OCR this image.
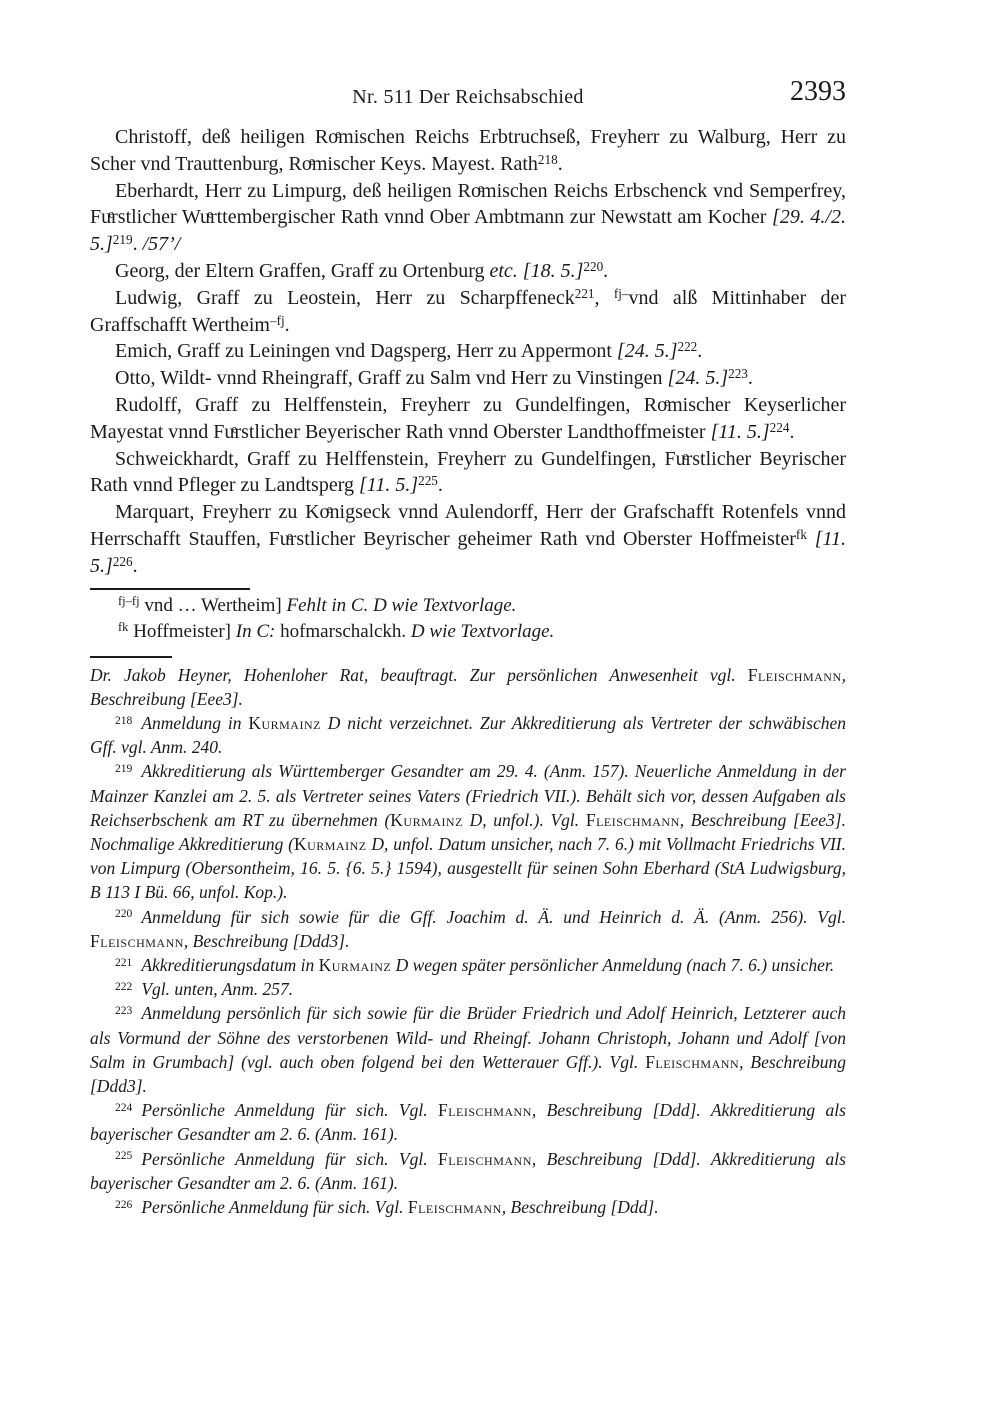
Nr. 511 Der Reichsabschied	2393

Christoff, deß heiligen Roͤmischen Reichs Erbtruchseß, Freyherr zu Walburg, Herr zu Scher vnd Trauttenburg, Roͤmischer Keys. Mayest. Rath$^{218}$.

Eberhardt, Herr zu Limpurg, deß heiligen Roͤmischen Reichs Erbschenck vnd Semperfrey, Fuͤrstlicher Wuͤrttembergischer Rath vnnd Ober Ambtmann zur Newstatt am Kocher [29. 4./2. 5.]$^{219}$. /57’/

Georg, der Eltern Graffen, Graff zu Ortenburg etc. [18. 5.]$^{220}$.

Ludwig, Graff zu Leostein, Herr zu Scharpffeneck$^{221}$, $^{fj-}$vnd alß Mittinhaber der Graffschafft Wertheim$^{-fj}$.

Emich, Graff zu Leiningen vnd Dagsperg, Herr zu Appermont [24. 5.]$^{222}$.

Otto, Wildt- vnnd Rheingraff, Graff zu Salm vnd Herr zu Vinstingen [24. 5.]$^{223}$.

Rudolff, Graff zu Helffenstein, Freyherr zu Gundelfingen, Roͤmischer Keyserlicher Mayestat vnnd Fuͤrstlicher Beyerischer Rath vnnd Oberster Landthoffmeister [11. 5.]$^{224}$.

Schweickhardt, Graff zu Helffenstein, Freyherr zu Gundelfingen, Fuͤrstlicher Beyrischer Rath vnnd Pfleger zu Landtsperg [11. 5.]$^{225}$.

Marquart, Freyherr zu Koͤnigseck vnnd Aulendorff, Herr der Grafschafft Rotenfels vnnd Herrschafft Stauffen, Fuͤrstlicher Beyrischer geheimer Rath vnd Oberster Hoffmeister$^{fk}$ [11. 5.]$^{226}$.

$^{fj-fj}$ vnd … Wertheim] Fehlt in C. D wie Textvorlage.

$^{fk}$ Hoffmeister] In C: hofmarschalckh. D wie Textvorlage.

Dr. Jakob Heyner, Hohenloher Rat, beauftragt. Zur persönlichen Anwesenheit vgl. Fleischmann, Beschreibung [Eee3].

$^{218}$ Anmeldung in Kurmainz D nicht verzeichnet. Zur Akkreditierung als Vertreter der schwäbischen Gff. vgl. Anm. 240.

$^{219}$ Akkreditierung als Württemberger Gesandter am 29. 4. (Anm. 157). Neuerliche Anmeldung in der Mainzer Kanzlei am 2. 5. als Vertreter seines Vaters (Friedrich VII.). Behält sich vor, dessen Aufgaben als Reichserbschenk am RT zu übernehmen (Kurmainz D, unfol.). Vgl. Fleischmann, Beschreibung [Eee3]. Nochmalige Akkreditierung (Kurmainz D, unfol. Datum unsicher, nach 7. 6.) mit Vollmacht Friedrichs VII. von Limpurg (Obersontheim, 16. 5. {6. 5.} 1594), ausgestellt für seinen Sohn Eberhard (StA Ludwigsburg, B 113 I Bü. 66, unfol. Kop.).

$^{220}$ Anmeldung für sich sowie für die Gff. Joachim d. Ä. und Heinrich d. Ä. (Anm. 256). Vgl. Fleischmann, Beschreibung [Ddd3].

$^{221}$ Akkreditierungsdatum in Kurmainz D wegen später persönlicher Anmeldung (nach 7. 6.) unsicher.

$^{222}$ Vgl. unten, Anm. 257.

$^{223}$ Anmeldung persönlich für sich sowie für die Brüder Friedrich und Adolf Heinrich, Letzterer auch als Vormund der Söhne des verstorbenen Wild- und Rheingf. Johann Christoph, Johann und Adolf [von Salm in Grumbach] (vgl. auch oben folgend bei den Wetterauer Gff.). Vgl. Fleischmann, Beschreibung [Ddd3].

$^{224}$ Persönliche Anmeldung für sich. Vgl. Fleischmann, Beschreibung [Ddd]. Akkreditierung als bayerischer Gesandter am 2. 6. (Anm. 161).

$^{225}$ Persönliche Anmeldung für sich. Vgl. Fleischmann, Beschreibung [Ddd]. Akkreditierung als bayerischer Gesandter am 2. 6. (Anm. 161).

$^{226}$ Persönliche Anmeldung für sich. Vgl. Fleischmann, Beschreibung [Ddd].
